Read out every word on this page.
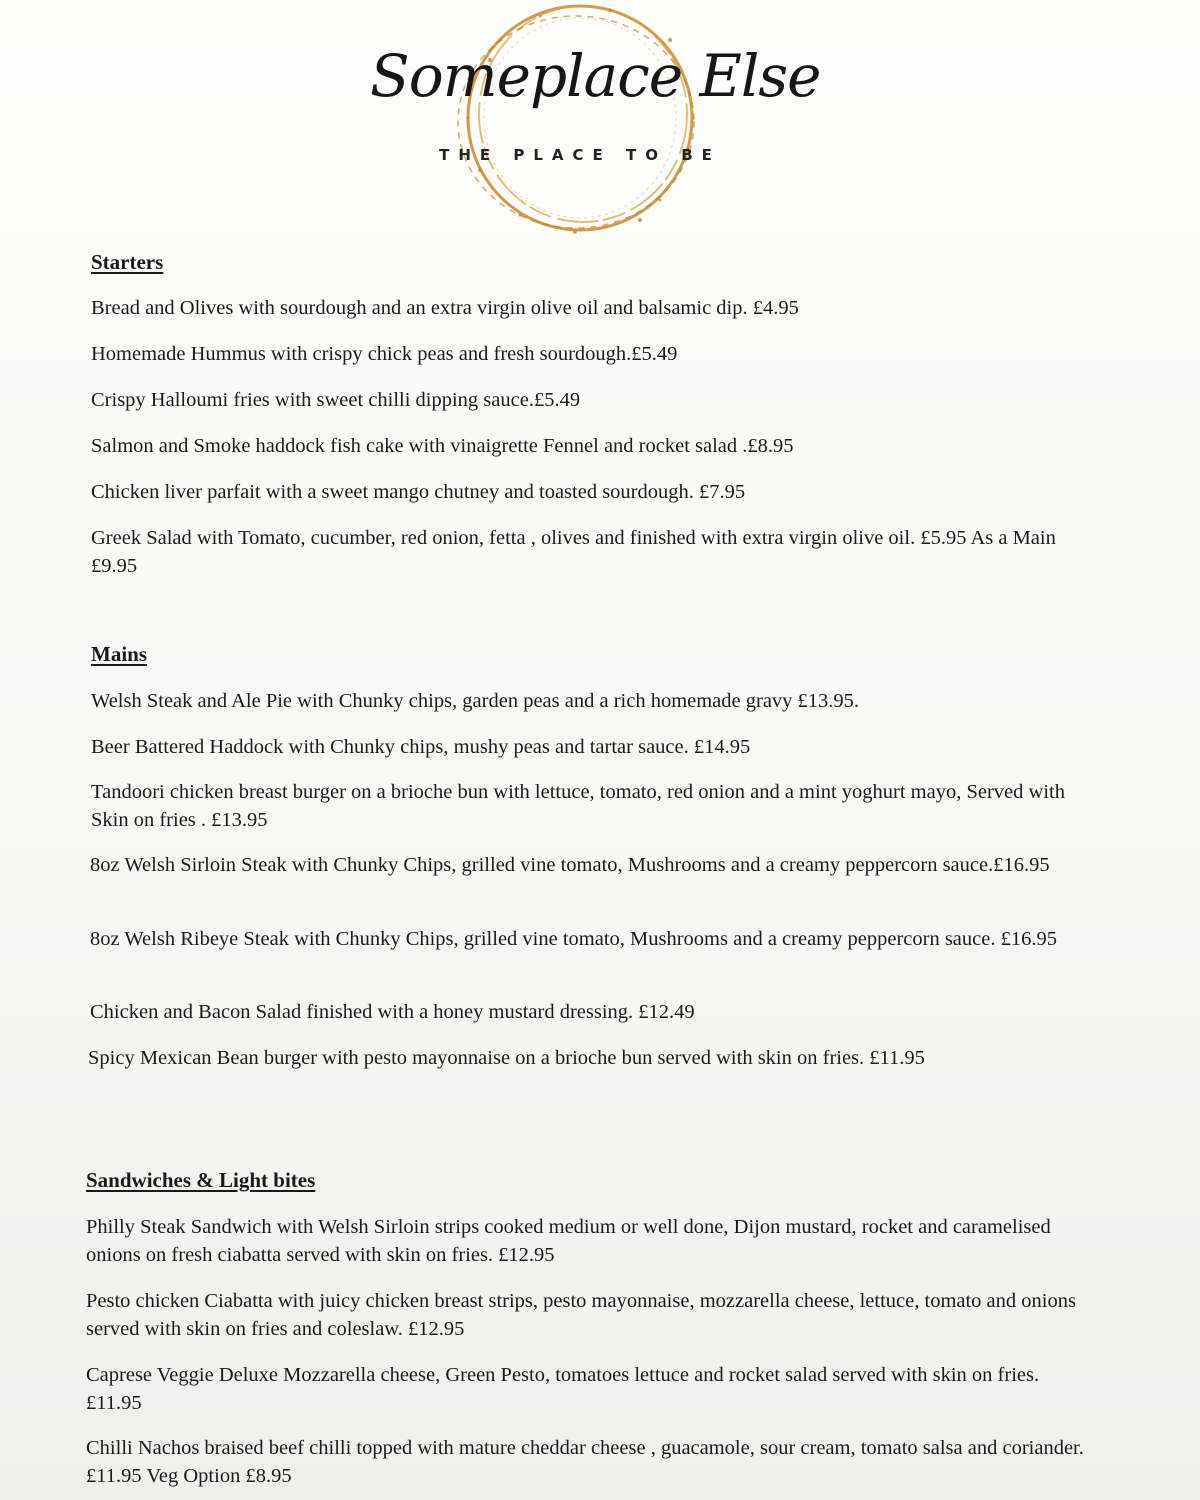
Someplace Else
THE PLACE TO BE
Starters

Bread and Olives with sourdough and an extra virgin olive oil and balsamic dip. £4.95

Homemade Hummus with crispy chick peas and fresh sourdough.£5.49

Crispy Halloumi fries with sweet chilli dipping sauce.£5.49

Salmon and Smoke haddock fish cake with vinaigrette Fennel and rocket salad .£8.95

Chicken liver parfait with a sweet mango chutney and toasted sourdough. £7.95

Greek Salad with Tomato, cucumber, red onion, fetta , olives and finished with extra virgin olive oil. £5.95 As a Main £9.95

Mains

Welsh Steak and Ale Pie with Chunky chips, garden peas and a rich homemade gravy £13.95.

Beer Battered Haddock with Chunky chips, mushy peas and tartar sauce. £14.95

Tandoori chicken breast burger on a brioche bun with lettuce, tomato, red onion and a mint yoghurt mayo, Served with Skin on fries . £13.95

8oz Welsh Sirloin Steak with Chunky Chips, grilled vine tomato, Mushrooms and a creamy peppercorn sauce.£16.95

8oz Welsh Ribeye Steak with Chunky Chips, grilled vine tomato, Mushrooms and a creamy peppercorn sauce. £16.95

Chicken and Bacon Salad finished with a honey mustard dressing. £12.49

Spicy Mexican Bean burger with pesto mayonnaise on a brioche bun served with skin on fries. £11.95

Sandwiches & Light bites

Philly Steak Sandwich with Welsh Sirloin strips cooked medium or well done, Dijon mustard, rocket and caramelised onions on fresh ciabatta served with skin on fries. £12.95

Pesto chicken Ciabatta with juicy chicken breast strips, pesto mayonnaise, mozzarella cheese, lettuce, tomato and onions served with skin on fries and coleslaw. £12.95

Caprese Veggie Deluxe Mozzarella cheese, Green Pesto, tomatoes lettuce and rocket salad served with skin on fries. £11.95

Chilli Nachos braised beef chilli topped with mature cheddar cheese , guacamole, sour cream, tomato salsa and coriander. £11.95 Veg Option £8.95
